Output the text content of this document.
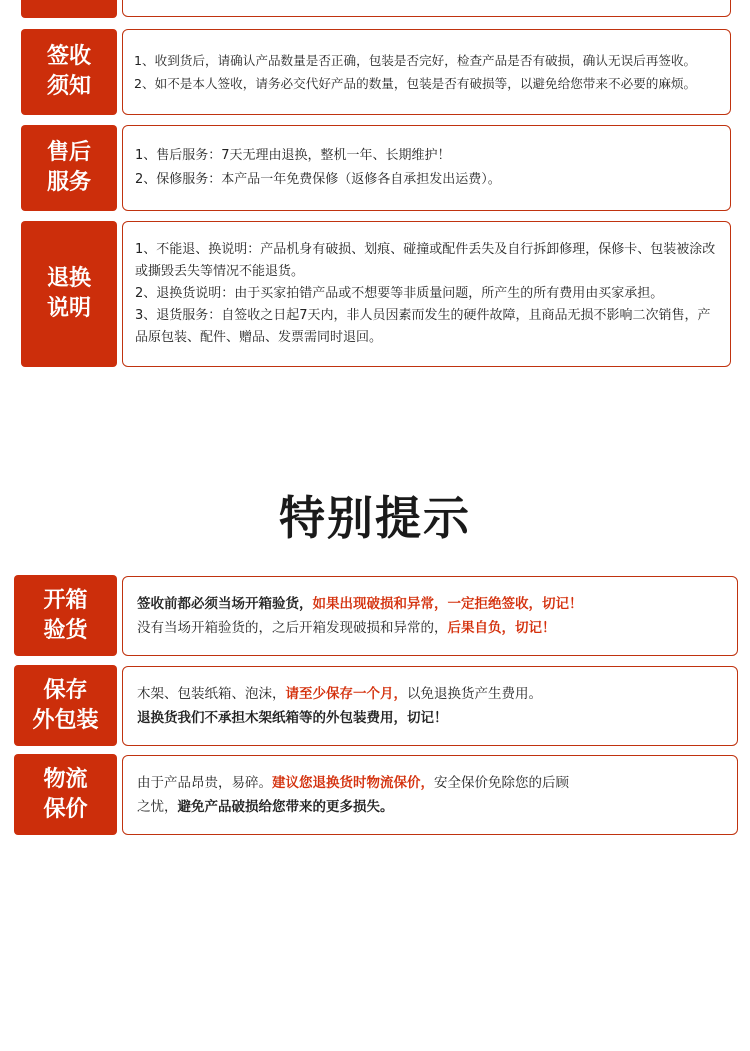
签收
须知

1、收到货后，请确认产品数量是否正确，包装是否完好，检查产品是否有破损，确认无误后再签收。

2、如不是本人签收，请务必交代好产品的数量，包装是否有破损等，以避免给您带来不必要的麻烦。

售后
服务

1、售后服务：7天无理由退换，整机一年、长期维护！

2、保修服务：本产品一年免费保修（返修各自承担发出运费）。

退换
说明

1、不能退、换说明：产品机身有破损、划痕、碰撞或配件丢失及自行拆卸修理，保修卡、包装被涂改或撕毁丢失等情况不能退货。

2、退换货说明：由于买家拍错产品或不想要等非质量问题，所产生的所有费用由买家承担。

3、退货服务：自签收之日起7天内，非人员因素而发生的硬件故障，且商品无损不影响二次销售，产品原包装、配件、赠品、发票需同时退回。

特别提示
开箱
验货

签收前都必须当场开箱验货，如果出现破损和异常，一定拒绝签收，切记！

没有当场开箱验货的，之后开箱发现破损和异常的，后果自负，切记！

保存
外包装

木架、包装纸箱、泡沫，请至少保存一个月，以免退换货产生费用。

退换货我们不承担木架纸箱等的外包装费用，切记！

物流
保价

由于产品昂贵，易碎。建议您退换货时物流保价，安全保价免除您的后顾

之忧，避免产品破损给您带来的更多损失。
